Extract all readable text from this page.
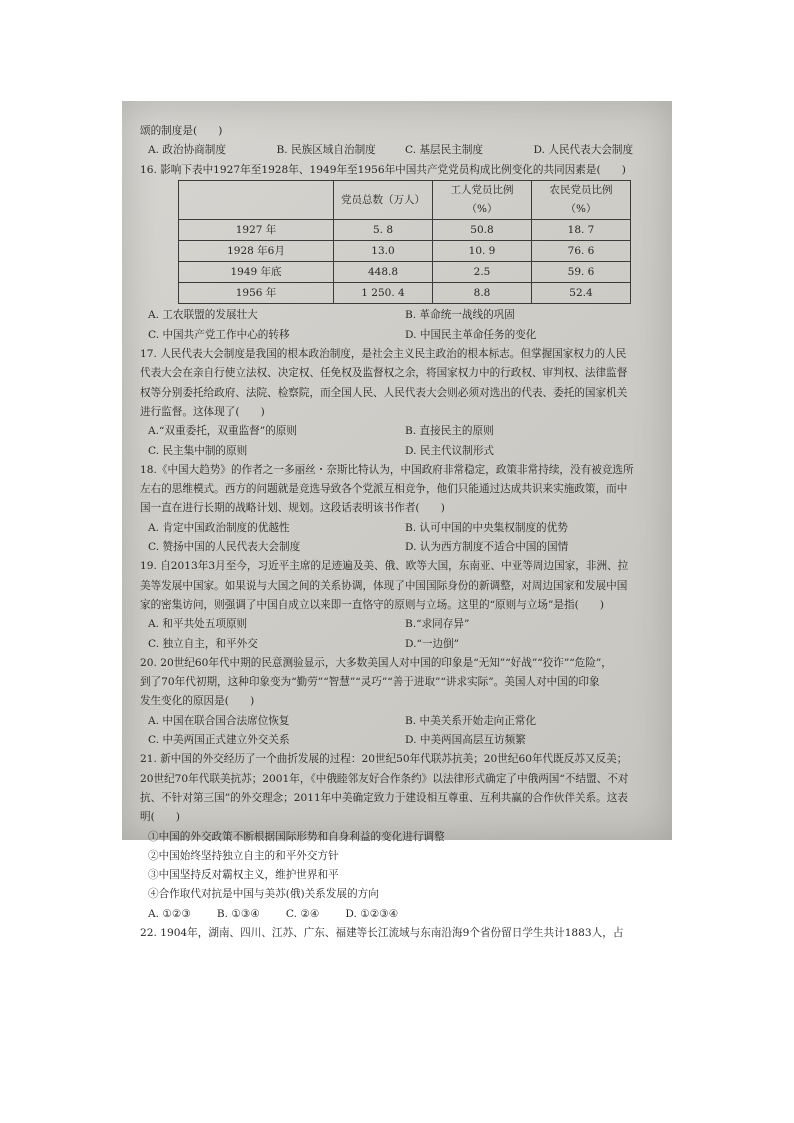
颂的制度是(　　)
A. 政治协商制度	B. 民族区域自治制度	C. 基层民主制度	D. 人民代表大会制度
16. 影响下表中1927年至1928年、1949年至1956年中国共产党党员构成比例变化的共同因素是(　　)
	党员总数（万人）	工人党员比例（%）	农民党员比例（%）
1927 年	5. 8	50.8	18. 7
1928 年6月	13.0	10. 9	76. 6
1949 年底	448.8	2.5	59. 6
1956 年	1 250. 4	8.8	52.4
A. 工农联盟的发展壮大	B. 革命统一战线的巩固
C. 中国共产党工作中心的转移	D. 中国民主革命任务的变化
17. 人民代表大会制度是我国的根本政治制度，是社会主义民主政治的根本标志。但掌握国家权力的人民
代表大会在亲自行使立法权、决定权、任免权及监督权之余，将国家权力中的行政权、审判权、法律监督
权等分别委托给政府、法院、检察院，而全国人民、人民代表大会则必须对选出的代表、委托的国家机关
进行监督。这体现了(　　)
A.“双重委托，双重监督”的原则	B. 直接民主的原则
C. 民主集中制的原则	D. 民主代议制形式
18.《中国大趋势》的作者之一多丽丝・奈斯比特认为，中国政府非常稳定，政策非常持续，没有被竞选所
左右的思维模式。西方的问题就是竞选导致各个党派互相竞争，他们只能通过达成共识来实施政策，而中
国一直在进行长期的战略计划、规划。这段话表明该书作者(　　)
A. 肯定中国政治制度的优越性	B. 认可中国的中央集权制度的优势
C. 赞扬中国的人民代表大会制度	D. 认为西方制度不适合中国的国情
19. 自2013年3月至今，习近平主席的足迹遍及美、俄、欧等大国，东南亚、中亚等周边国家，非洲、拉
美等发展中国家。如果说与大国之间的关系协调，体现了中国国际身份的新调整，对周边国家和发展中国
家的密集访问，则强调了中国自成立以来即一直恪守的原则与立场。这里的“原则与立场”是指(　　)
A. 和平共处五项原则	B.“求同存异”
C. 独立自主，和平外交	D.“一边倒”
20. 20世纪60年代中期的民意测验显示，大多数美国人对中国的印象是“无知”“好战”“狡诈”“危险”，
到了70年代初期，这种印象变为“勤劳”“智慧”“灵巧”“善于进取”“讲求实际”。美国人对中国的印象
发生变化的原因是(　　)
A. 中国在联合国合法席位恢复	B. 中美关系开始走向正常化
C. 中美两国正式建立外交关系	D. 中美两国高层互访频繁
21. 新中国的外交经历了一个曲折发展的过程：20世纪50年代联苏抗美；20世纪60年代既反苏又反美；
20世纪70年代联美抗苏；2001年，《中俄睦邻友好合作条约》以法律形式确定了中俄两国“不结盟、不对
抗、不针对第三国”的外交理念；2011年中美确定致力于建设相互尊重、互利共赢的合作伙伴关系。这表
明(　　)
①中国的外交政策不断根据国际形势和自身利益的变化进行调整
②中国始终坚持独立自主的和平外交方针
③中国坚持反对霸权主义，维护世界和平
④合作取代对抗是中国与美苏(俄)关系发展的方向
A. ①②③ B. ①③④ C. ②④ D. ①②③④
22. 1904年，湖南、四川、江苏、广东、福建等长江流域与东南沿海9个省份留日学生共计1883人，占
